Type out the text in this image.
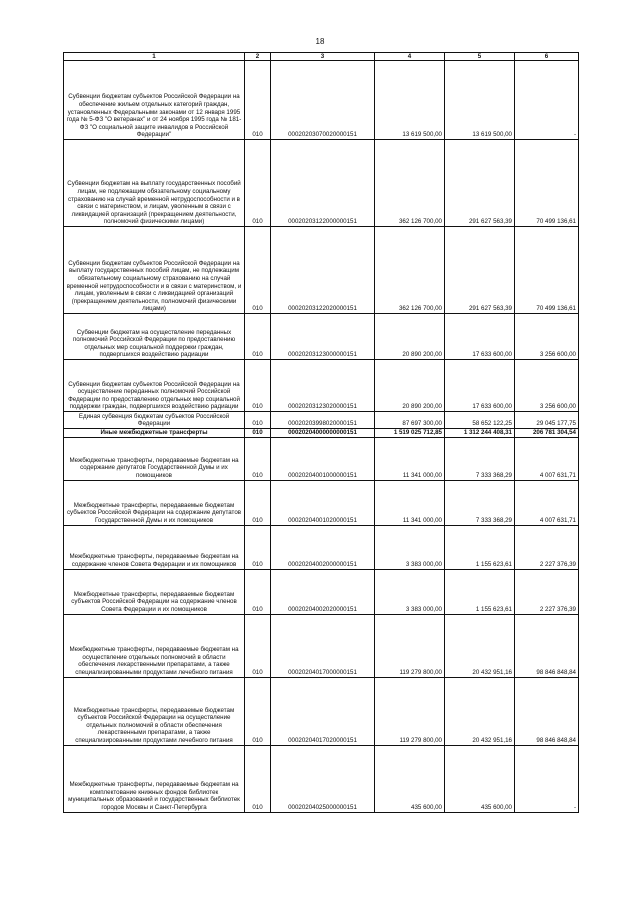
18
1	2	3	4	5	6
Субвенции бюджетам субъектов Российской Федерации на обеспечение жильем отдельных категорий граждан, установленных Федеральными законами от 12 января 1995 года № 5-ФЗ "О ветеранах" и от 24 ноября 1995 года № 181-ФЗ "О социальной защите инвалидов в Российской Федерации"	010	00020203070020000151	13 619 500,00	13 619 500,00	-
Субвенции бюджетам на выплату государственных пособий лицам, не подлежащим обязательному социальному страхованию на случай временной нетрудоспособности и в связи с материнством, и лицам, уволенным в связи с ликвидацией организаций (прекращением деятельности, полномочий физическими лицами)	010	00020203122000000151	362 126 700,00	291 627 563,39	70 499 136,61
Субвенции бюджетам субъектов Российской Федерации на выплату государственных пособий лицам, не подлежащим обязательному социальному страхованию на случай временной нетрудоспособности и в связи с материнством, и лицам, уволенным в связи с ликвидацией организаций (прекращением деятельности, полномочий физическими лицами)	010	00020203122020000151	362 126 700,00	291 627 563,39	70 499 136,61
Субвенции бюджетам на осуществление переданных полномочий Российской Федерации по предоставлению отдельных мер социальной поддержки граждан, подвергшихся воздействию радиации	010	00020203123000000151	20 890 200,00	17 633 600,00	3 256 600,00
Субвенции бюджетам субъектов Российской Федерации на осуществление переданных полномочий Российской Федерации по предоставлению отдельных мер социальной поддержки граждан, подвергшихся воздействию радиации	010	00020203123020000151	20 890 200,00	17 633 600,00	3 256 600,00
Единая субвенция бюджетам субъектов Российской Федерации	010	00020203998020000151	87 697 300,00	58 652 122,25	29 045 177,75
Иные межбюджетные трансферты	010	00020204000000000151	1 519 025 712,85	1 312 244 408,31	206 781 304,54
Межбюджетные трансферты, передаваемые бюджетам на содержание депутатов Государственной Думы и их помощников	010	00020204001000000151	11 341 000,00	7 333 368,29	4 007 631,71
Межбюджетные трансферты, передаваемые бюджетам субъектов Российской Федерации на содержание депутатов Государственной Думы и их помощников	010	00020204001020000151	11 341 000,00	7 333 368,29	4 007 631,71
Межбюджетные трансферты, передаваемые бюджетам на содержание членов Совета Федерации и их помощников	010	00020204002000000151	3 383 000,00	1 155 623,61	2 227 376,39
Межбюджетные трансферты, передаваемые бюджетам субъектов Российской Федерации на содержание членов Совета Федерации и их помощников	010	00020204002020000151	3 383 000,00	1 155 623,61	2 227 376,39
Межбюджетные трансферты, передаваемые бюджетам на осуществление отдельных полномочий в области обеспечения лекарственными препаратами, а также специализированными продуктами лечебного питания	010	00020204017000000151	119 279 800,00	20 432 951,16	98 846 848,84
Межбюджетные трансферты, передаваемые бюджетам субъектов Российской Федерации на осуществление отдельных полномочий в области обеспечения лекарственными препаратами, а также специализированными продуктами лечебного питания	010	00020204017020000151	119 279 800,00	20 432 951,16	98 846 848,84
Межбюджетные трансферты, передаваемые бюджетам на комплектование книжных фондов библиотек муниципальных образований и государственных библиотек городов Москвы и Санкт-Петербурга	010	00020204025000000151	435 600,00	435 600,00	-
